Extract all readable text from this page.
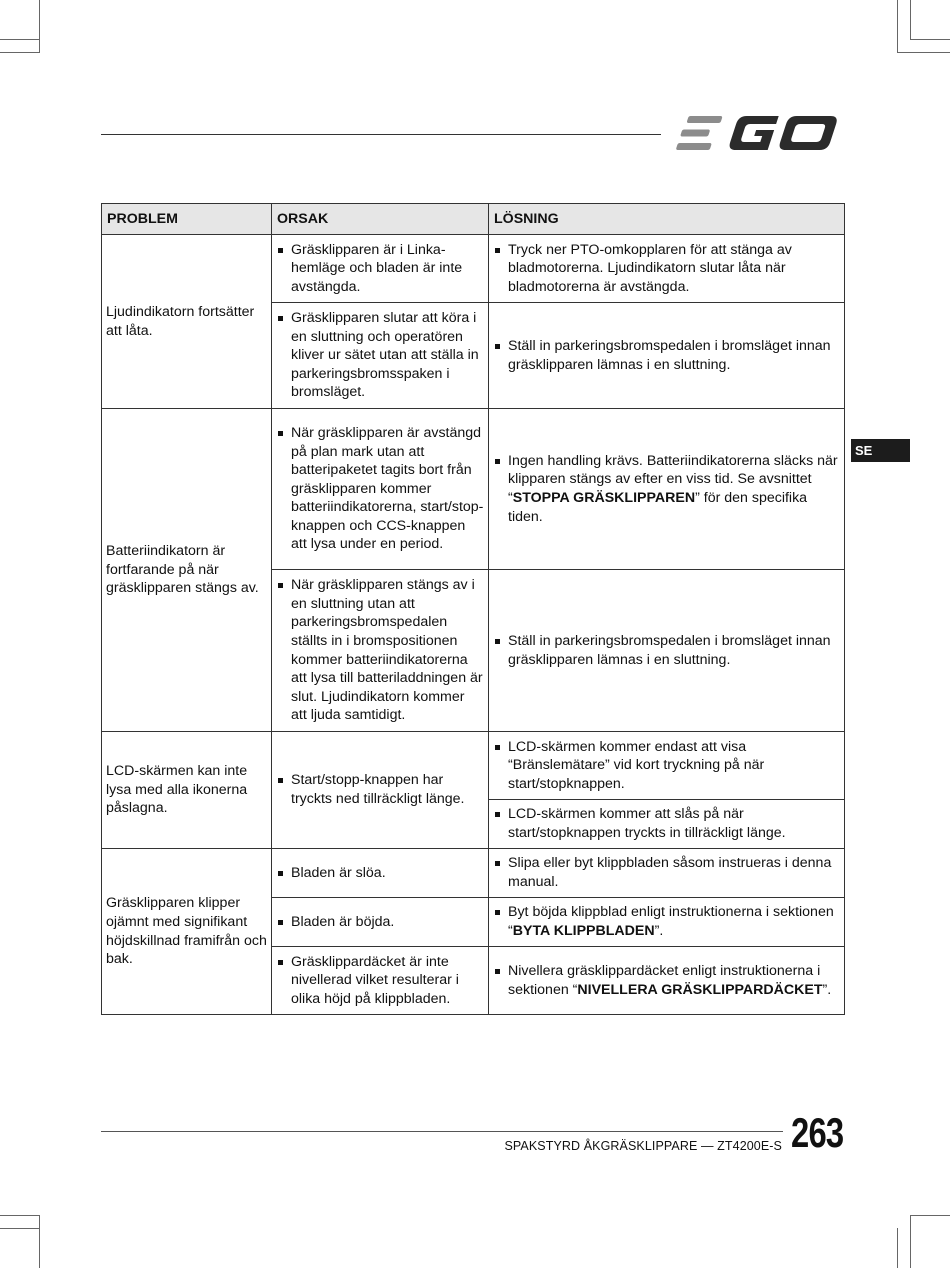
SE
PROBLEM	ORSAK	LÖSNING
Ljudindikatorn fortsätter att låta.	Gräsklipparen är i Linka-hemläge och bladen är inte avstängda.	Tryck ner PTO-omkopplaren för att stänga av bladmotorerna. Ljudindikatorn slutar låta när bladmotorerna är avstängda.

	Gräsklipparen slutar att köra i en sluttning och operatören kliver ur sätet utan att ställa in parkeringsbromsspaken i bromsläget.	Ställ in parkeringsbromspedalen i bromsläget innan gräsklipparen lämnas i en sluttning.

Batteriindikatorn är fortfarande på när gräsklipparen stängs av.	När gräsklipparen är avstängd på plan mark utan att batteripaketet tagits bort från gräsklipparen kommer batteriindikatorerna, start/stop-knappen och CCS-knappen att lysa under en period.	Ingen handling krävs. Batteriindikatorerna släcks när klipparen stängs av efter en viss tid. Se avsnittet “STOPPA GRÄSKLIPPAREN” för den specifika tiden.

	När gräsklipparen stängs av i en sluttning utan att parkeringsbromspedalen ställts in i bromspositionen kommer batteriindikatorerna att lysa till batteriladdningen är slut. Ljudindikatorn kommer att ljuda samtidigt.	Ställ in parkeringsbromspedalen i bromsläget innan gräsklipparen lämnas i en sluttning.

LCD-skärmen kan inte lysa med alla ikonerna påslagna.	Start/stopp-knappen har tryckts ned tillräckligt länge.	LCD-skärmen kommer endast att visa “Bränslemätare” vid kort tryckning på när start/stopknappen.

		LCD-skärmen kommer att slås på när start/stopknappen tryckts in tillräckligt länge.

Gräsklipparen klipper ojämnt med signifikant höjdskillnad framifrån och bak.	Bladen är slöa.	Slipa eller byt klippbladen såsom instrueras i denna manual.

	Bladen är böjda.	Byt böjda klippblad enligt instruktionerna i sektionen “BYTA KLIPPBLADEN”.

	Gräsklippardäcket är inte nivellerad vilket resulterar i olika höjd på klippbladen.	Nivellera gräsklippardäcket enligt instruktionerna i sektionen “NIVELLERA GRÄSKLIPPARDÄCKET”.
SPAKSTYRD ÅKGRÄSKLIPPARE — ZT4200E-S 263
